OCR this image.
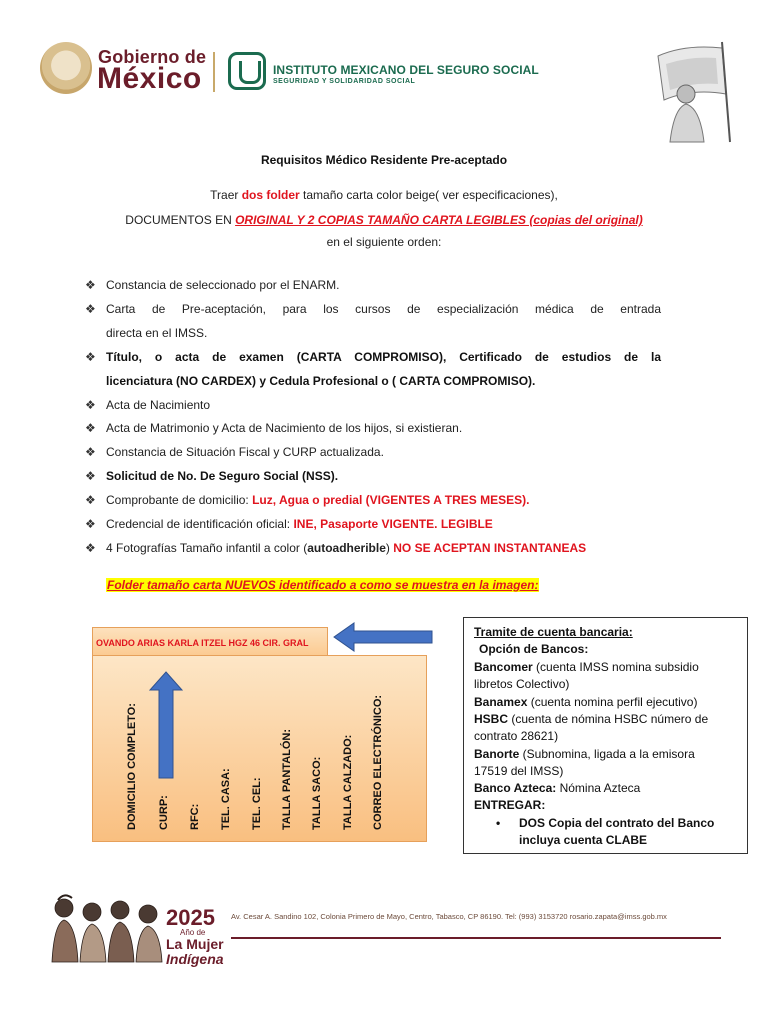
Gobierno de
México	INSTITUTO MEXICANO DEL SEGURO SOCIAL
SEGURIDAD Y SOLIDARIDAD SOCIAL
Requisitos Médico Residente Pre-aceptado
Traer dos folder tamaño carta color beige( ver especificaciones),
DOCUMENTOS EN ORIGINAL Y 2 COPIAS TAMAÑO CARTA LEGIBLES (copias del original)
en el siguiente orden:
❖ Constancia de seleccionado por el ENARM.
❖ Carta de Pre-aceptación, para los cursos de especialización médica de entrada
directa en el IMSS.
❖ Título, o acta de examen (CARTA COMPROMISO), Certificado de estudios de la
licenciatura (NO CARDEX) y Cedula Profesional o ( CARTA COMPROMISO).
❖ Acta de Nacimiento
❖ Acta de Matrimonio y Acta de Nacimiento de los hijos, si existieran.
❖ Constancia de Situación Fiscal y CURP actualizada.
❖ Solicitud de No. De Seguro Social (NSS).
❖ Comprobante de domicilio: Luz, Agua o predial (VIGENTES A TRES MESES).
❖ Credencial de identificación oficial: INE, Pasaporte VIGENTE. LEGIBLE
❖ 4 Fotografías Tamaño infantil a color (autoadherible) NO SE ACEPTAN INSTANTANEAS
Folder tamaño carta NUEVOS identificado a como se muestra en la imagen:
OVANDO ARIAS KARLA ITZEL HGZ 46 CIR. GRAL
DOMICILIO COMPLETO: CURP: RFC: TEL. CASA: TEL. CEL: TALLA PANTALÓN: TALLA SACO: TALLA CALZADO: CORREO ELECTRÓNICO:
Tramite de cuenta bancaria:
Opción de Bancos:
Bancomer (cuenta IMSS nomina subsidio
libretos Colectivo)
Banamex (cuenta nomina perfil ejecutivo)
HSBC (cuenta de nómina HSBC número de
contrato 28621)
Banorte (Subnomina, ligada a la emisora
17519 del IMSS)
Banco Azteca: Nómina Azteca
ENTREGAR:
•	DOS Copia del contrato del Banco
incluya cuenta CLABE
2025
Año de
La Mujer
Indígena
Av. Cesar A. Sandino 102, Colonia Primero de Mayo, Centro, Tabasco, CP 86190. Tel: (993) 3153720 rosario.zapata@imss.gob.mx
